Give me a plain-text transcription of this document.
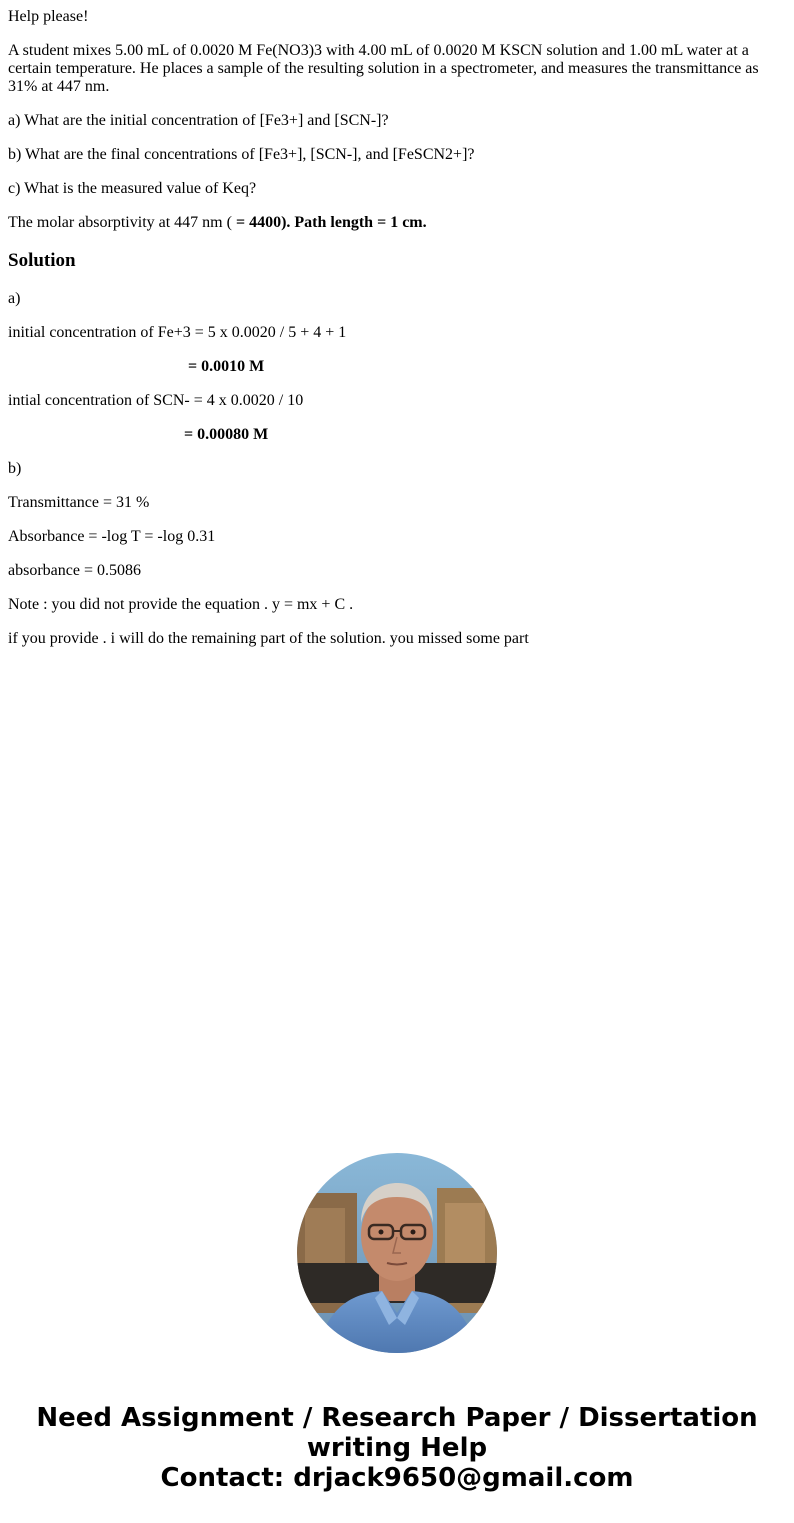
Help please!

A student mixes 5.00 mL of 0.0020 M Fe(NO3)3 with 4.00 mL of 0.0020 M KSCN solution and 1.00 mL water at a certain temperature. He places a sample of the resulting solution in a spectrometer, and measures the transmittance as 31% at 447 nm.

a) What are the initial concentration of [Fe3+] and [SCN-]?

b) What are the final concentrations of [Fe3+], [SCN-], and [FeSCN2+]?

c) What is the measured value of Keq?

The molar absorptivity at 447 nm ( = 4400). Path length = 1 cm.

Solution

a)

initial concentration of Fe+3 = 5 x 0.0020 / 5 + 4 + 1

= 0.0010 M

intial concentration of SCN- = 4 x 0.0020 / 10

= 0.00080 M

b)

Transmittance = 31 %

Absorbance = -log T = -log 0.31

absorbance = 0.5086

Note : you did not provide the equation . y = mx + C .

if you provide . i will do the remaining part of the solution. you missed some part

Need Assignment / Research Paper / Dissertation
writing Help
Contact: drjack9650@gmail.com
